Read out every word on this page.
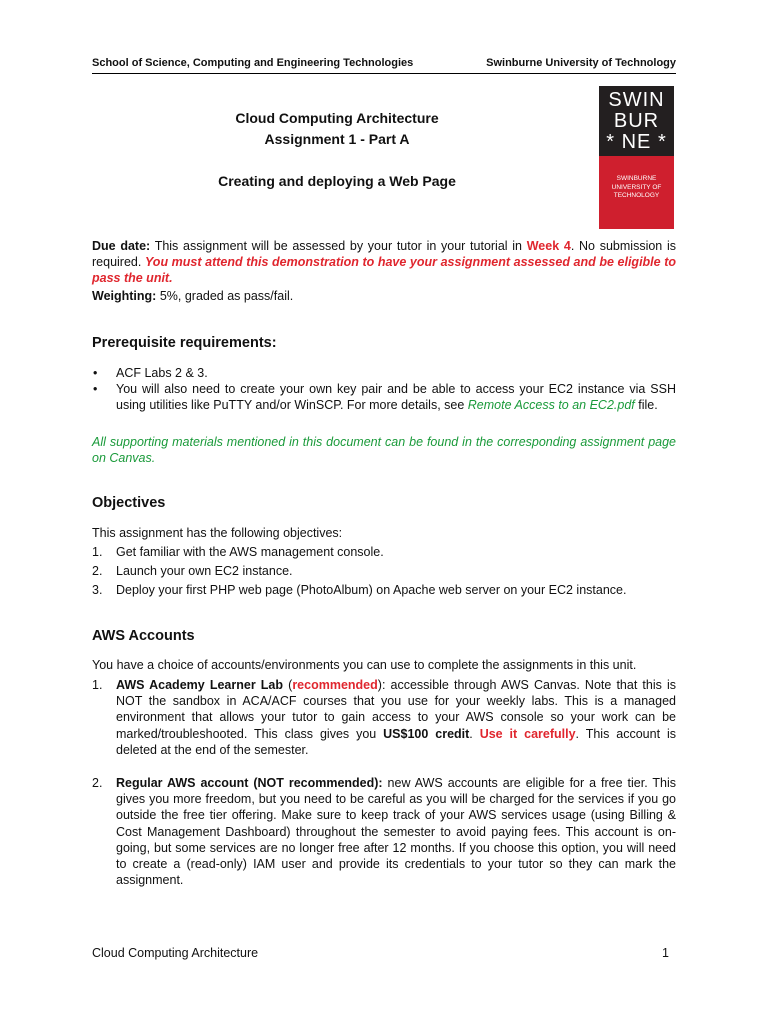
School of Science, Computing and Engineering Technologies	Swinburne University of Technology
Cloud Computing Architecture
Assignment 1 - Part A
Creating and deploying a Web Page
SWIN
BUR
* NE *
SWINBURNE
UNIVERSITY OF
TECHNOLOGY
Due date: This assignment will be assessed by your tutor in your tutorial in Week 4. No submission is required. You must attend this demonstration to have your assignment assessed and be eligible to pass the unit.
Weighting: 5%, graded as pass/fail.
Prerequisite requirements:
• ACF Labs 2 & 3.
• You will also need to create your own key pair and be able to access your EC2 instance via SSH using utilities like PuTTY and/or WinSCP. For more details, see Remote Access to an EC2.pdf file.
All supporting materials mentioned in this document can be found in the corresponding assignment page on Canvas.
Objectives
This assignment has the following objectives:
1. Get familiar with the AWS management console.
2. Launch your own EC2 instance.
3. Deploy your first PHP web page (PhotoAlbum) on Apache web server on your EC2 instance.
AWS Accounts
You have a choice of accounts/environments you can use to complete the assignments in this unit.
1. AWS Academy Learner Lab (recommended): accessible through AWS Canvas. Note that this is NOT the sandbox in ACA/ACF courses that you use for your weekly labs. This is a managed environment that allows your tutor to gain access to your AWS console so your work can be marked/troubleshooted. This class gives you US$100 credit. Use it carefully. This account is deleted at the end of the semester.
2. Regular AWS account (NOT recommended): new AWS accounts are eligible for a free tier. This gives you more freedom, but you need to be careful as you will be charged for the services if you go outside the free tier offering. Make sure to keep track of your AWS services usage (using Billing & Cost Management Dashboard) throughout the semester to avoid paying fees. This account is on-going, but some services are no longer free after 12 months. If you choose this option, you will need to create a (read-only) IAM user and provide its credentials to your tutor so they can mark the assignment.
Cloud Computing Architecture	1
